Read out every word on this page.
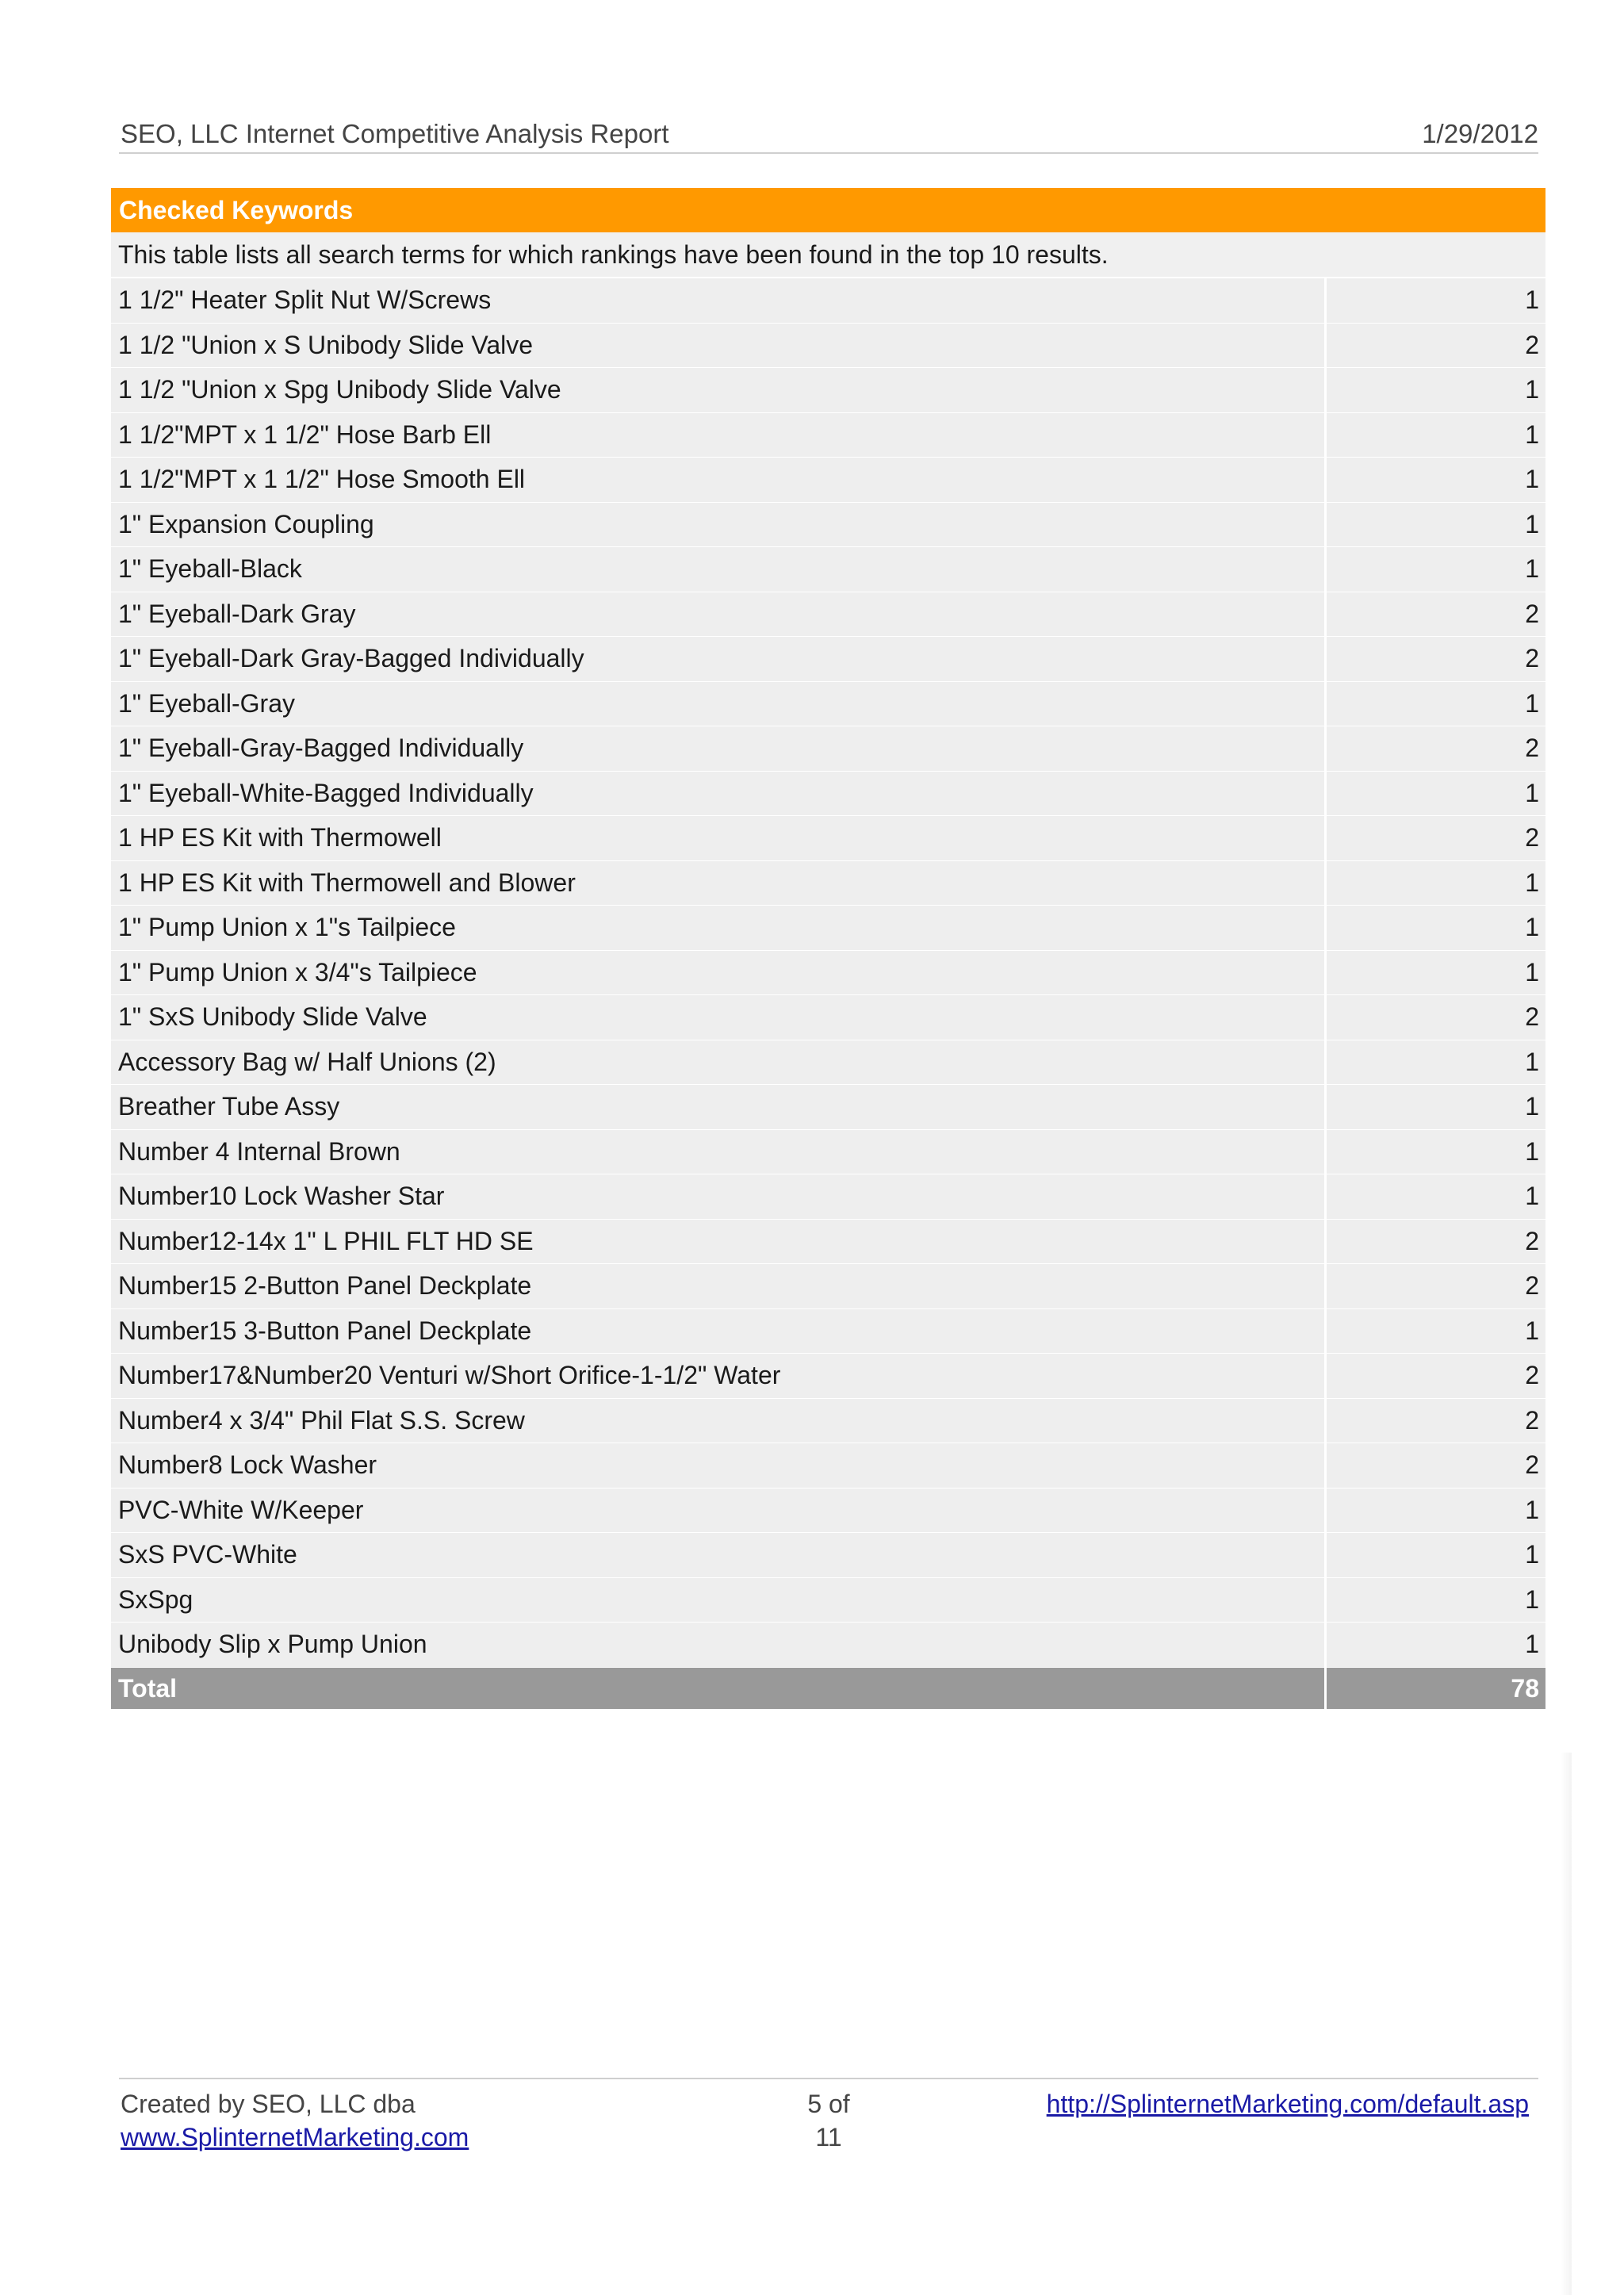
SEO, LLC Internet Competitive Analysis Report	1/29/2012
Checked Keywords
This table lists all search terms for which rankings have been found in the top 10 results.
1 1/2" Heater Split Nut W/Screws	1
1 1/2 "Union x S Unibody Slide Valve	2
1 1/2 "Union x Spg Unibody Slide Valve	1
1 1/2"MPT x 1 1/2" Hose Barb Ell	1
1 1/2"MPT x 1 1/2" Hose Smooth Ell	1
1" Expansion Coupling	1
1" Eyeball-Black	1
1" Eyeball-Dark Gray	2
1" Eyeball-Dark Gray-Bagged Individually	2
1" Eyeball-Gray	1
1" Eyeball-Gray-Bagged Individually	2
1" Eyeball-White-Bagged Individually	1
1 HP ES Kit with Thermowell	2
1 HP ES Kit with Thermowell and Blower	1
1" Pump Union x 1"s Tailpiece	1
1" Pump Union x 3/4"s Tailpiece	1
1" SxS Unibody Slide Valve	2
Accessory Bag w/ Half Unions (2)	1
Breather Tube Assy	1
Number 4 Internal Brown	1
Number10 Lock Washer Star	1
Number12-14x 1" L PHIL FLT HD SE	2
Number15 2-Button Panel Deckplate	2
Number15 3-Button Panel Deckplate	1
Number17&Number20 Venturi w/Short Orifice-1-1/2" Water	2
Number4 x 3/4" Phil Flat S.S. Screw	2
Number8 Lock Washer	2
PVC-White W/Keeper	1
SxS PVC-White	1
SxSpg	1
Unibody Slip x Pump Union	1
Total	78
Created by SEO, LLC dba
www.SplinternetMarketing.com
5 of
11
http://SplinternetMarketing.com/default.asp
